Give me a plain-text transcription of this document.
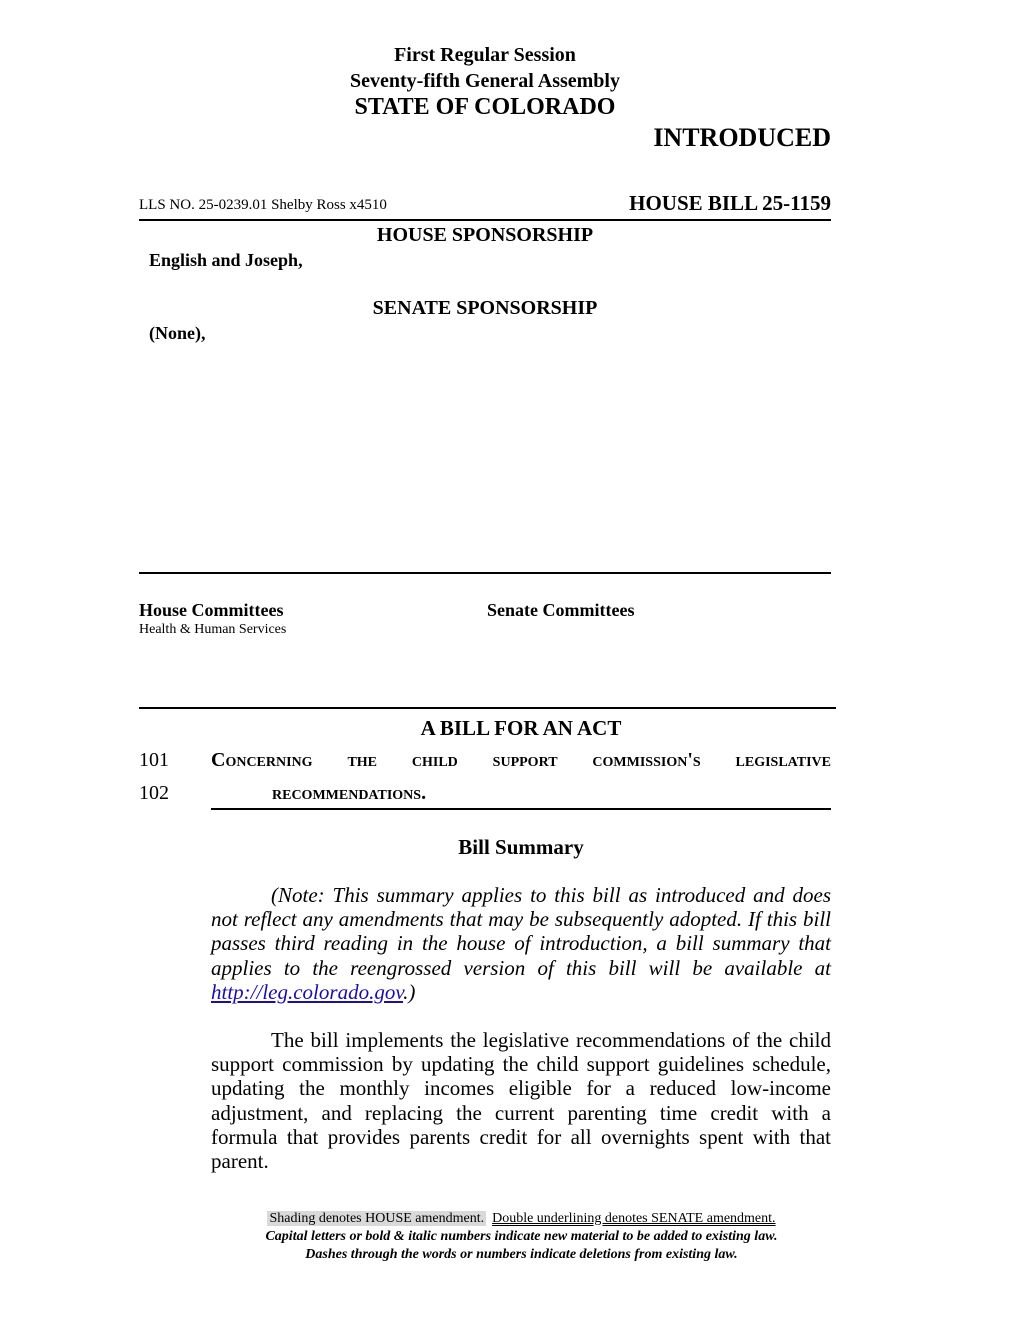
First Regular Session
Seventy-fifth General Assembly
STATE OF COLORADO
INTRODUCED
LLS NO. 25-0239.01 Shelby Ross x4510	HOUSE BILL 25-1159
HOUSE SPONSORSHIP
English and Joseph,
SENATE SPONSORSHIP
(None),
House Committees
Health & Human Services
Senate Committees
A BILL FOR AN ACT
101 Concerning the child support commission's legislative
102	recommendations.
Bill Summary
(Note: This summary applies to this bill as introduced and does not reflect any amendments that may be subsequently adopted. If this bill passes third reading in the house of introduction, a bill summary that applies to the reengrossed version of this bill will be available at http://leg.colorado.gov.)
The bill implements the legislative recommendations of the child support commission by updating the child support guidelines schedule, updating the monthly incomes eligible for a reduced low-income adjustment, and replacing the current parenting time credit with a formula that provides parents credit for all overnights spent with that parent.
Shading denotes HOUSE amendment. Double underlining denotes SENATE amendment.
Capital letters or bold & italic numbers indicate new material to be added to existing law.
Dashes through the words or numbers indicate deletions from existing law.
